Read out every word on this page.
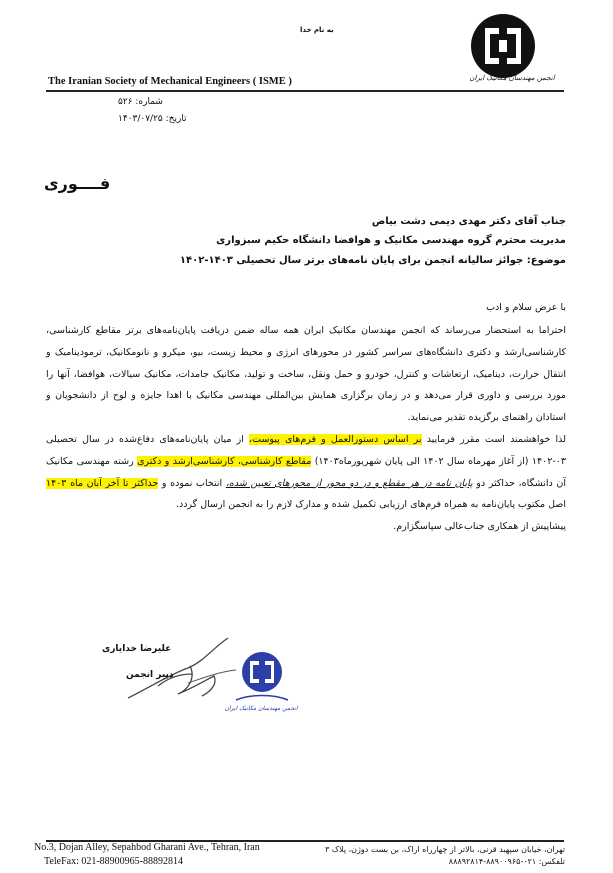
به نام خدا
انجمن مهندسان مکانیک ایران
The Iranian Society of Mechanical Engineers ( ISME )
شماره: ۵۲۶
تاریخ: ۱۴۰۳/۰۷/۲۵
فــــوری
جناب آقای دکتر مهدی دیمی دشت بیاض
مدیریت محترم گروه مهندسی مکانیک و هوافضا دانشگاه حکیم سبزواری
موضوع: جوائز سالیانه انجمن برای پایان نامه‌های برتر سال تحصیلی ۱۴۰۳-۱۴۰۲
با عرض سلام و ادب

احتراما به استحضار می‌رساند که انجمن مهندسان مکانیک ایران همه ساله ضمن دریافت پایان‌نامه‌های برتر مقاطع کارشناسی، کارشناسی‌ارشد و دکتری دانشگاه‌های سراسر کشور در محورهای انرژی و محیط زیست، بیو، میکرو و نانومکانیک، ترمودینامیک و انتقال حرارت، دینامیک، ارتعاشات و کنترل، خودرو و حمل ونقل، ساخت و تولید، مکانیک جامدات، مکانیک سیالات، هوافضا، آنها را مورد بررسی و داوری قرار می‌دهد و در زمان برگزاری همایش بین‌المللی مهندسی مکانیک با اهدا جایزه و لوح از دانشجویان و استادان راهنمای برگزیده تقدیر می‌نماید.

لذا خواهشمند است مقرر فرمایید بر اساس دستورالعمل و فرم‌های پیوست، از میان پایان‌نامه‌های دفاع‌شده در سال تحصیلی ۰۳-۱۴۰۲ (از آغاز مهرماه سال ۱۴۰۲ الی پایان شهریورماه۱۴۰۳) مقاطع کارشناسی، کارشناسی‌ارشد و دکتری رشته مهندسی مکانیک آن دانشگاه، حداکثر دو پایان نامه در هر مقطع و در دو محور از محورهای تعیین شده، انتخاب نموده و حداکثر تا آخر آبان ماه ۱۴۰۳ اصل مکتوب پایان‌نامه به همراه فرم‌های ارزیابی تکمیل شده و مدارک لازم را به انجمن ارسال گردد.

پیشاپیش از همکاری جناب‌عالی سپاسگزارم.

علیرضا خدایاری
دبیر انجمن
انجمن مهندسان مکانیک ایران
No.3, Dojan Alley, Sepahbod Gharani Ave., Tehran, Iran
TeleFax: 021-88900965-88892814
تهران، خیابان سپهبد قرنی، بالاتر از چهارراه اراک، بن بست دوژن، پلاک ۳
تلفکس: ۰۲۱-۸۸۹۰۰۹۶۵-۸۸۸۹۲۸۱۴
